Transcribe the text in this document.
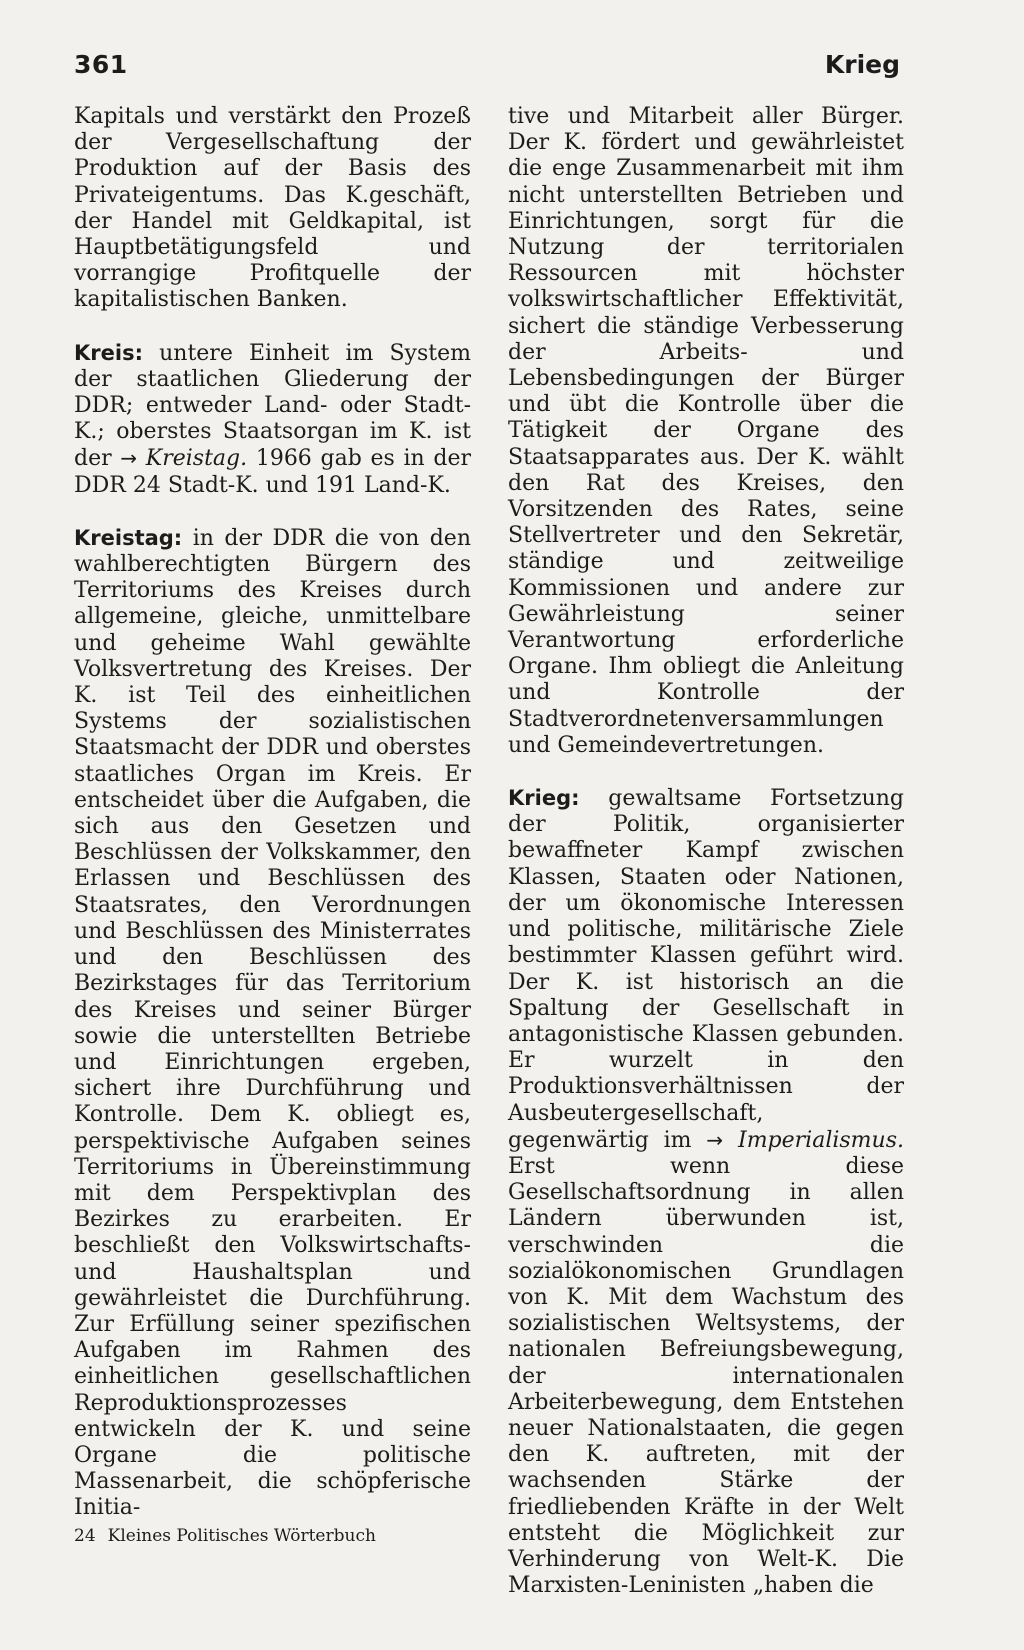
361	Krieg

Kapitals und verstärkt den Prozeß der Vergesellschaftung der Produktion auf der Basis des Privateigentums. Das K.geschäft, der Handel mit Geldkapital, ist Hauptbetätigungsfeld und vorrangige Profitquelle der kapitalistischen Banken.

Kreis: untere Einheit im System der staatlichen Gliederung der DDR; entweder Land- oder Stadt-K.; oberstes Staatsorgan im K. ist der → Kreistag. 1966 gab es in der DDR 24 Stadt-K. und 191 Land-K.

Kreistag: in der DDR die von den wahlberechtigten Bürgern des Territoriums des Kreises durch allgemeine, gleiche, unmittelbare und geheime Wahl gewählte Volksvertretung des Kreises. Der K. ist Teil des einheitlichen Systems der sozialistischen Staatsmacht der DDR und oberstes staatliches Organ im Kreis. Er entscheidet über die Aufgaben, die sich aus den Gesetzen und Beschlüssen der Volkskammer, den Erlassen und Beschlüssen des Staatsrates, den Verordnungen und Beschlüssen des Ministerrates und den Beschlüssen des Bezirkstages für das Territorium des Kreises und seiner Bürger sowie die unterstellten Betriebe und Einrichtungen ergeben, sichert ihre Durchführung und Kontrolle. Dem K. obliegt es, perspektivische Aufgaben seines Territoriums in Übereinstimmung mit dem Perspektivplan des Bezirkes zu erarbeiten. Er beschließt den Volkswirtschafts- und Haushaltsplan und gewährleistet die Durchführung. Zur Erfüllung seiner spezifischen Aufgaben im Rahmen des einheitlichen gesellschaftlichen Reproduktionsprozesses entwickeln der K. und seine Organe die politische Massenarbeit, die schöpferische Initia-

tive und Mitarbeit aller Bürger. Der K. fördert und gewährleistet die enge Zusammenarbeit mit ihm nicht unterstellten Betrieben und Einrichtungen, sorgt für die Nutzung der territorialen Ressourcen mit höchster volkswirtschaftlicher Effektivität, sichert die ständige Verbesserung der Arbeits- und Lebensbedingungen der Bürger und übt die Kontrolle über die Tätigkeit der Organe des Staatsapparates aus. Der K. wählt den Rat des Kreises, den Vorsitzenden des Rates, seine Stellvertreter und den Sekretär, ständige und zeitweilige Kommissionen und andere zur Gewährleistung seiner Verantwortung erforderliche Organe. Ihm obliegt die Anleitung und Kontrolle der Stadtverordnetenversammlungen und Gemeindevertretungen.

Krieg: gewaltsame Fortsetzung der Politik, organisierter bewaffneter Kampf zwischen Klassen, Staaten oder Nationen, der um ökonomische Interessen und politische, militärische Ziele bestimmter Klassen geführt wird. Der K. ist historisch an die Spaltung der Gesellschaft in antagonistische Klassen gebunden. Er wurzelt in den Produktionsverhältnissen der Ausbeutergesellschaft, gegenwärtig im → Imperialismus. Erst wenn diese Gesellschaftsordnung in allen Ländern überwunden ist, verschwinden die sozialökonomischen Grundlagen von K. Mit dem Wachstum des sozialistischen Weltsystems, der nationalen Befreiungsbewegung, der internationalen Arbeiterbewegung, dem Entstehen neuer Nationalstaaten, die gegen den K. auftreten, mit der wachsenden Stärke der friedliebenden Kräfte in der Welt entsteht die Möglichkeit zur Verhinderung von Welt-K. Die Marxisten-Leninisten „haben die

24 Kleines Politisches Wörterbuch
